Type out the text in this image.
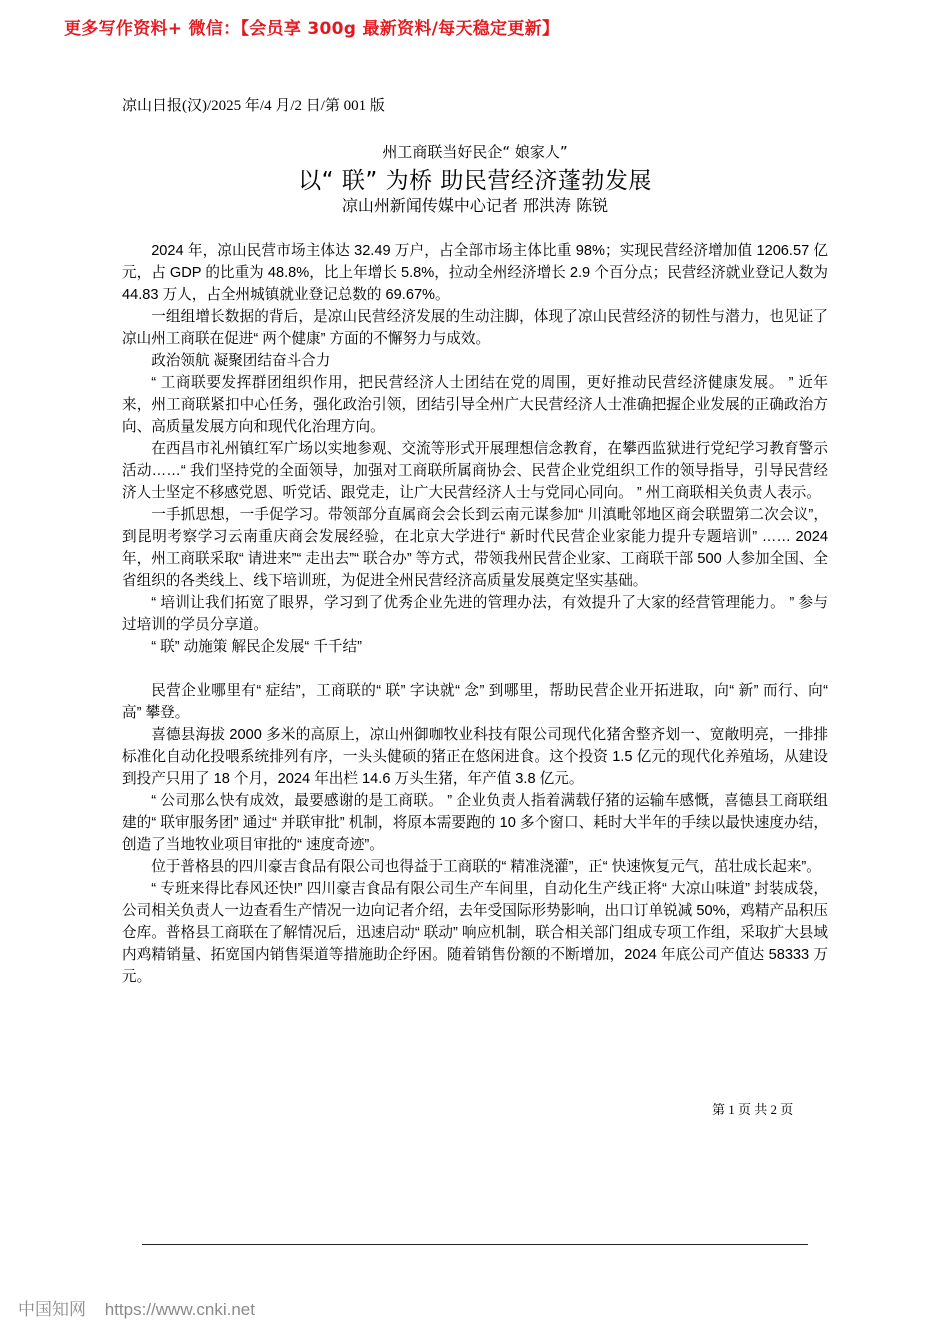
更多写作资料+ 微信：【会员享 300g 最新资料/每天稳定更新】
凉山日报(汉)/2025 年/4 月/2 日/第 001 版
州工商联当好民企“ 娘家人”
以“ 联” 为桥 助民营经济蓬勃发展
凉山州新闻传媒中心记者 邢洪涛 陈锐

2024 年，凉山民营市场主体达 32.49 万户，占全部市场主体比重 98%；实现民营经济增加值 1206.57 亿元，占 GDP 的比重为 48.8%，比上年增长 5.8%，拉动全州经济增长 2.9 个百分点；民营经济就业登记人数为 44.83 万人，占全州城镇就业登记总数的 69.67%。

一组组增长数据的背后，是凉山民营经济发展的生动注脚，体现了凉山民营经济的韧性与潜力，也见证了凉山州工商联在促进“ 两个健康” 方面的不懈努力与成效。

政治领航 凝聚团结奋斗合力

“ 工商联要发挥群团组织作用，把民营经济人士团结在党的周围，更好推动民营经济健康发展。 ” 近年来，州工商联紧扣中心任务，强化政治引领，团结引导全州广大民营经济人士准确把握企业发展的正确政治方向、高质量发展方向和现代化治理方向。

在西昌市礼州镇红军广场以实地参观、交流等形式开展理想信念教育，在攀西监狱进行党纪学习教育警示活动……“ 我们坚持党的全面领导，加强对工商联所属商协会、民营企业党组织工作的领导指导，引导民营经济人士坚定不移感党恩、听党话、跟党走，让广大民营经济人士与党同心同向。 ” 州工商联相关负责人表示。

一手抓思想，一手促学习。带领部分直属商会会长到云南元谋参加“ 川滇毗邻地区商会联盟第二次会议”，到昆明考察学习云南重庆商会发展经验，在北京大学进行“ 新时代民营企业家能力提升专题培训” …… 2024 年，州工商联采取“ 请进来”“ 走出去”“ 联合办” 等方式，带领我州民营企业家、工商联干部 500 人参加全国、全省组织的各类线上、线下培训班，为促进全州民营经济高质量发展奠定坚实基础。

“ 培训让我们拓宽了眼界，学习到了优秀企业先进的管理办法，有效提升了大家的经营管理能力。 ” 参与过培训的学员分享道。

“ 联” 动施策 解民企发展“ 千千结”

民营企业哪里有“ 症结”，工商联的“ 联” 字诀就“ 念” 到哪里，帮助民营企业开拓进取，向“ 新” 而行、向“ 高” 攀登。

喜德县海拔 2000 多米的高原上，凉山州御咖牧业科技有限公司现代化猪舍整齐划一、宽敞明亮，一排排标准化自动化投喂系统排列有序，一头头健硕的猪正在悠闲进食。这个投资 1.5 亿元的现代化养殖场，从建设到投产只用了 18 个月，2024 年出栏 14.6 万头生猪，年产值 3.8 亿元。

“ 公司那么快有成效，最要感谢的是工商联。 ” 企业负责人指着满载仔猪的运输车感慨，喜德县工商联组建的“ 联审服务团” 通过“ 并联审批” 机制，将原本需要跑的 10 多个窗口、耗时大半年的手续以最快速度办结，创造了当地牧业项目审批的“ 速度奇迹”。

位于普格县的四川豪吉食品有限公司也得益于工商联的“ 精准浇灌”，正“ 快速恢复元气，茁壮成长起来”。

“ 专班来得比春风还快!” 四川豪吉食品有限公司生产车间里，自动化生产线正将“ 大凉山味道” 封装成袋，公司相关负责人一边查看生产情况一边向记者介绍，去年受国际形势影响，出口订单锐减 50%，鸡精产品积压仓库。普格县工商联在了解情况后，迅速启动“ 联动” 响应机制，联合相关部门组成专项工作组，采取扩大县域内鸡精销量、拓宽国内销售渠道等措施助企纾困。随着销售份额的不断增加，2024 年底公司产值达 58333 万元。

第 1 页 共 2 页
中国知网 https://www.cnki.net
